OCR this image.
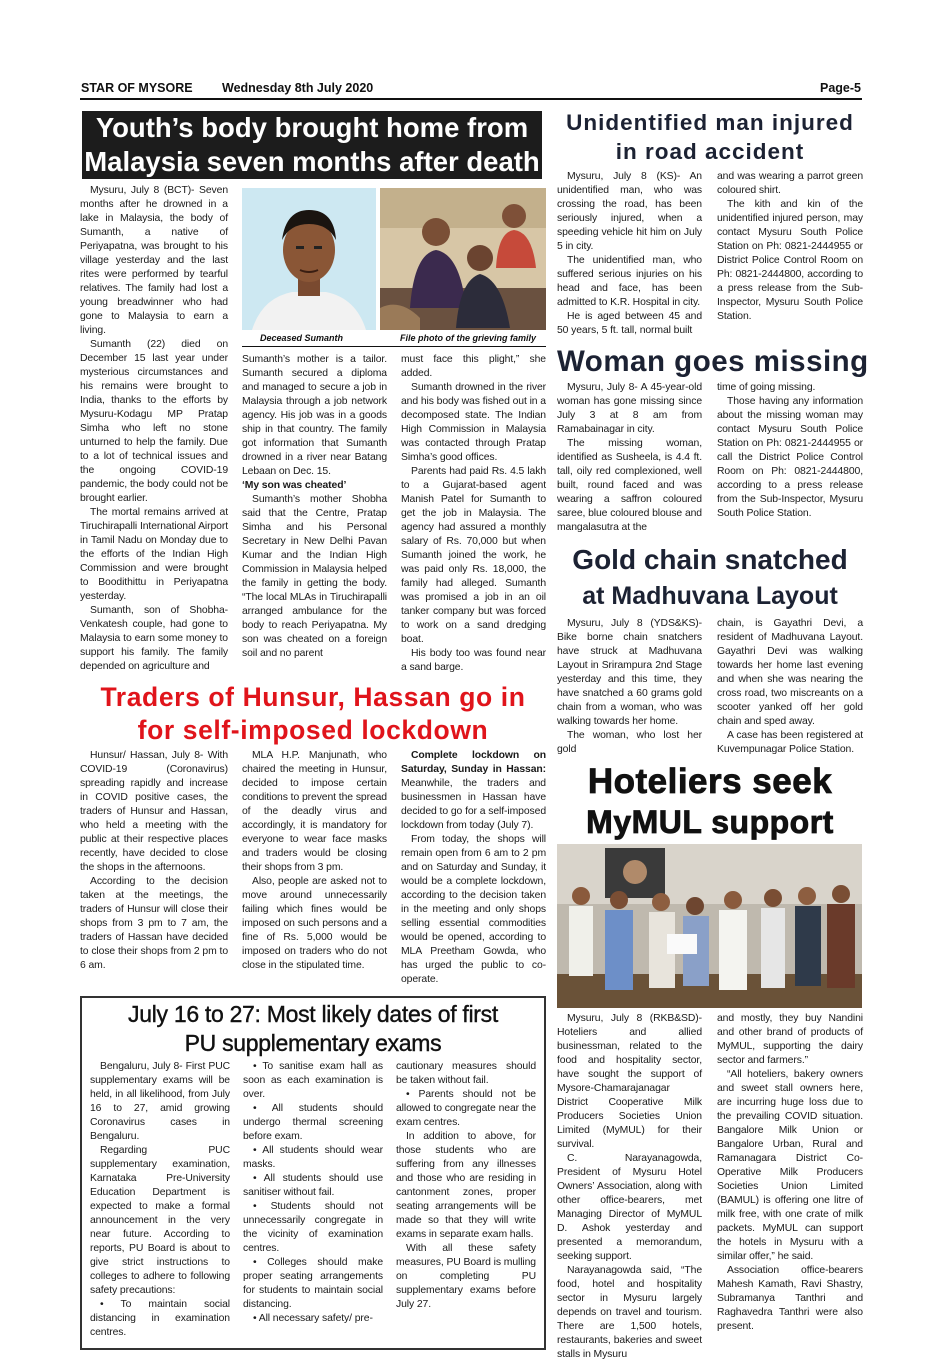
STAR OF MYSORE Wednesday 8th July 2020	Page-5
Youth’s body brought home from
Malaysia seven months after death
Mysuru, July 8 (BCT)- Seven months after he drowned in a lake in Malaysia, the body of Sumanth, a native of Periyapatna, was brought to his village yesterday and the last rites were performed by tearful relatives. The family had lost a young breadwinner who had gone to Malaysia to earn a living.
Sumanth (22) died on December 15 last year under mysterious circumstances and his remains were brought to India, thanks to the efforts by Mysuru-Kodagu MP Pratap Simha who left no stone unturned to help the family. Due to a lot of technical issues and the ongoing COVID-19 pandemic, the body could not be brought earlier.
The mortal remains arrived at Tiruchirapalli International Airport in Tamil Nadu on Monday due to the efforts of the Indian High Commission and were brought to Boodithittu in Periyapatna yesterday.
Sumanth, son of Shobha-Venkatesh couple, had gone to Malaysia to earn some money to support his family. The family depended on agriculture and
Deceased Sumanth	File photo of the grieving family
Sumanth’s mother is a tailor. Sumanth secured a diploma and managed to secure a job in Malaysia through a job network agency. His job was in a goods ship in that country. The family got information that Sumanth drowned in a river near Batang Lebaan on Dec. 15.
‘My son was cheated’
Sumanth’s mother Shobha said that the Centre, Pratap Simha and his Personal Secretary in New Delhi Pavan Kumar and the Indian High Commission in Malaysia helped the family in getting the body. “The local MLAs in Tiruchirapalli arranged ambulance for the body to reach Periyapatna. My son was cheated on a foreign soil and no parent
must face this plight,” she added.
Sumanth drowned in the river and his body was fished out in a decomposed state. The Indian High Commission in Malaysia was contacted through Pratap Simha’s good offices.
Parents had paid Rs. 4.5 lakh to a Gujarat-based agent Manish Patel for Sumanth to get the job in Malaysia. The agency had assured a monthly salary of Rs. 70,000 but when Sumanth joined the work, he was paid only Rs. 18,000, the family had alleged. Sumanth was promised a job in an oil tanker company but was forced to work on a sand dredging boat.
His body too was found near a sand barge.
Traders of Hunsur, Hassan go in
for self-imposed lockdown
Hunsur/ Hassan, July 8- With COVID-19 (Coronavirus) spreading rapidly and increase in COVID positive cases, the traders of Hunsur and Hassan, who held a meeting with the public at their respective places recently, have decided to close the shops in the afternoons.
According to the decision taken at the meetings, the traders of Hunsur will close their shops from 3 pm to 7 am, the traders of Hassan have decided to close their shops from 2 pm to 6 am.
MLA H.P. Manjunath, who chaired the meeting in Hunsur, decided to impose certain conditions to prevent the spread of the deadly virus and accordingly, it is mandatory for everyone to wear face masks and traders would be closing their shops from 3 pm.
Also, people are asked not to move around unnecessarily failing which fines would be imposed on such persons and a fine of Rs. 5,000 would be imposed on traders who do not close in the stipulated time.
Complete lockdown on Saturday, Sunday in Hassan: Meanwhile, the traders and businessmen in Hassan have decided to go for a self-imposed lockdown from today (July 7).
From today, the shops will remain open from 6 am to 2 pm and on Saturday and Sunday, it would be a complete lockdown, according to the decision taken in the meeting and only shops selling essential commodities would be opened, according to MLA Preetham Gowda, who has urged the public to co-operate.
July 16 to 27: Most likely dates of first
PU supplementary exams
Bengaluru, July 8- First PUC supplementary exams will be held, in all likelihood, from July 16 to 27, amid growing Coronavirus cases in Bengaluru.
Regarding PUC supplementary examination, Karnataka Pre-University Education Department is expected to make a formal announcement in the very near future. According to reports, PU Board is about to give strict instructions to colleges to adhere to following safety precautions:
• To maintain social distancing in examination centres.
• To sanitise exam hall as soon as each examination is over.
• All students should undergo thermal screening before exam.
• All students should wear masks.
• All students should use sanitiser without fail.
• Students should not unnecessarily congregate in the vicinity of examination centres.
• Colleges should make proper seating arrangements for students to maintain social distancing.
• All necessary safety/ pre-
cautionary measures should be taken without fail.
• Parents should not be allowed to congregate near the exam centres.
In addition to above, for those students who are suffering from any illnesses and those who are residing in cantonment zones, proper seating arrangements will be made so that they will write exams in separate exam halls.
With all these safety measures, PU Board is mulling on completing PU supplementary exams before July 27.
Unidentified man injured
in road accident
Mysuru, July 8 (KS)- An unidentified man, who was crossing the road, has been seriously injured, when a speeding vehicle hit him on July 5 in city.
The unidentified man, who suffered serious injuries on his head and face, has been admitted to K.R. Hospital in city.
He is aged between 45 and 50 years, 5 ft. tall, normal built
and was wearing a parrot green coloured shirt.
The kith and kin of the unidentified injured person, may contact Mysuru South Police Station on Ph: 0821-2444955 or District Police Control Room on Ph: 0821-2444800, according to a press release from the Sub-Inspector, Mysuru South Police Station.
Woman goes missing
Mysuru, July 8- A 45-year-old woman has gone missing since July 3 at 8 am from Ramabainagar in city.
The missing woman, identified as Susheela, is 4.4 ft. tall, oily red complexioned, well built, round faced and was wearing a saffron coloured saree, blue coloured blouse and mangalasutra at the
time of going missing.
Those having any information about the missing woman may contact Mysuru South Police Station on Ph: 0821-2444955 or call the District Police Control Room on Ph: 0821-2444800, according to a press release from the Sub-Inspector, Mysuru South Police Station.
Gold chain snatched
at Madhuvana Layout
Mysuru, July 8 (YDS&KS)- Bike borne chain snatchers have struck at Madhuvana Layout in Srirampura 2nd Stage yesterday and this time, they have snatched a 60 grams gold chain from a woman, who was walking towards her home.
The woman, who lost her gold
chain, is Gayathri Devi, a resident of Madhuvana Layout. Gayathri Devi was walking towards her home last evening and when she was nearing the cross road, two miscreants on a scooter yanked off her gold chain and sped away.
A case has been registered at Kuvempunagar Police Station.
Hoteliers seek
MyMUL support
Mysuru, July 8 (RKB&SD)- Hoteliers and allied businessman, related to the food and hospitality sector, have sought the support of Mysore-Chamarajanagar District Cooperative Milk Producers Societies Union Limited (MyMUL) for their survival.
C. Narayanagowda, President of Mysuru Hotel Owners’ Association, along with other office-bearers, met Managing Director of MyMUL D. Ashok yesterday and presented a memorandum, seeking support.
Narayanagowda said, “The food, hotel and hospitality sector in Mysuru largely depends on travel and tourism. There are 1,500 hotels, restaurants, bakeries and sweet stalls in Mysuru
and mostly, they buy Nandini and other brand of products of MyMUL, supporting the dairy sector and farmers.”
“All hoteliers, bakery owners and sweet stall owners here, are incurring huge loss due to the prevailing COVID situation. Bangalore Milk Union or Bangalore Urban, Rural and Ramanagara District Co-Operative Milk Producers Societies Union Limited (BAMUL) is offering one litre of milk free, with one crate of milk packets. MyMUL can support the hotels in Mysuru with a similar offer,” he said.
Association office-bearers Mahesh Kamath, Ravi Shastry, Subramanya Tanthri and Raghavedra Tanthri were also present.
